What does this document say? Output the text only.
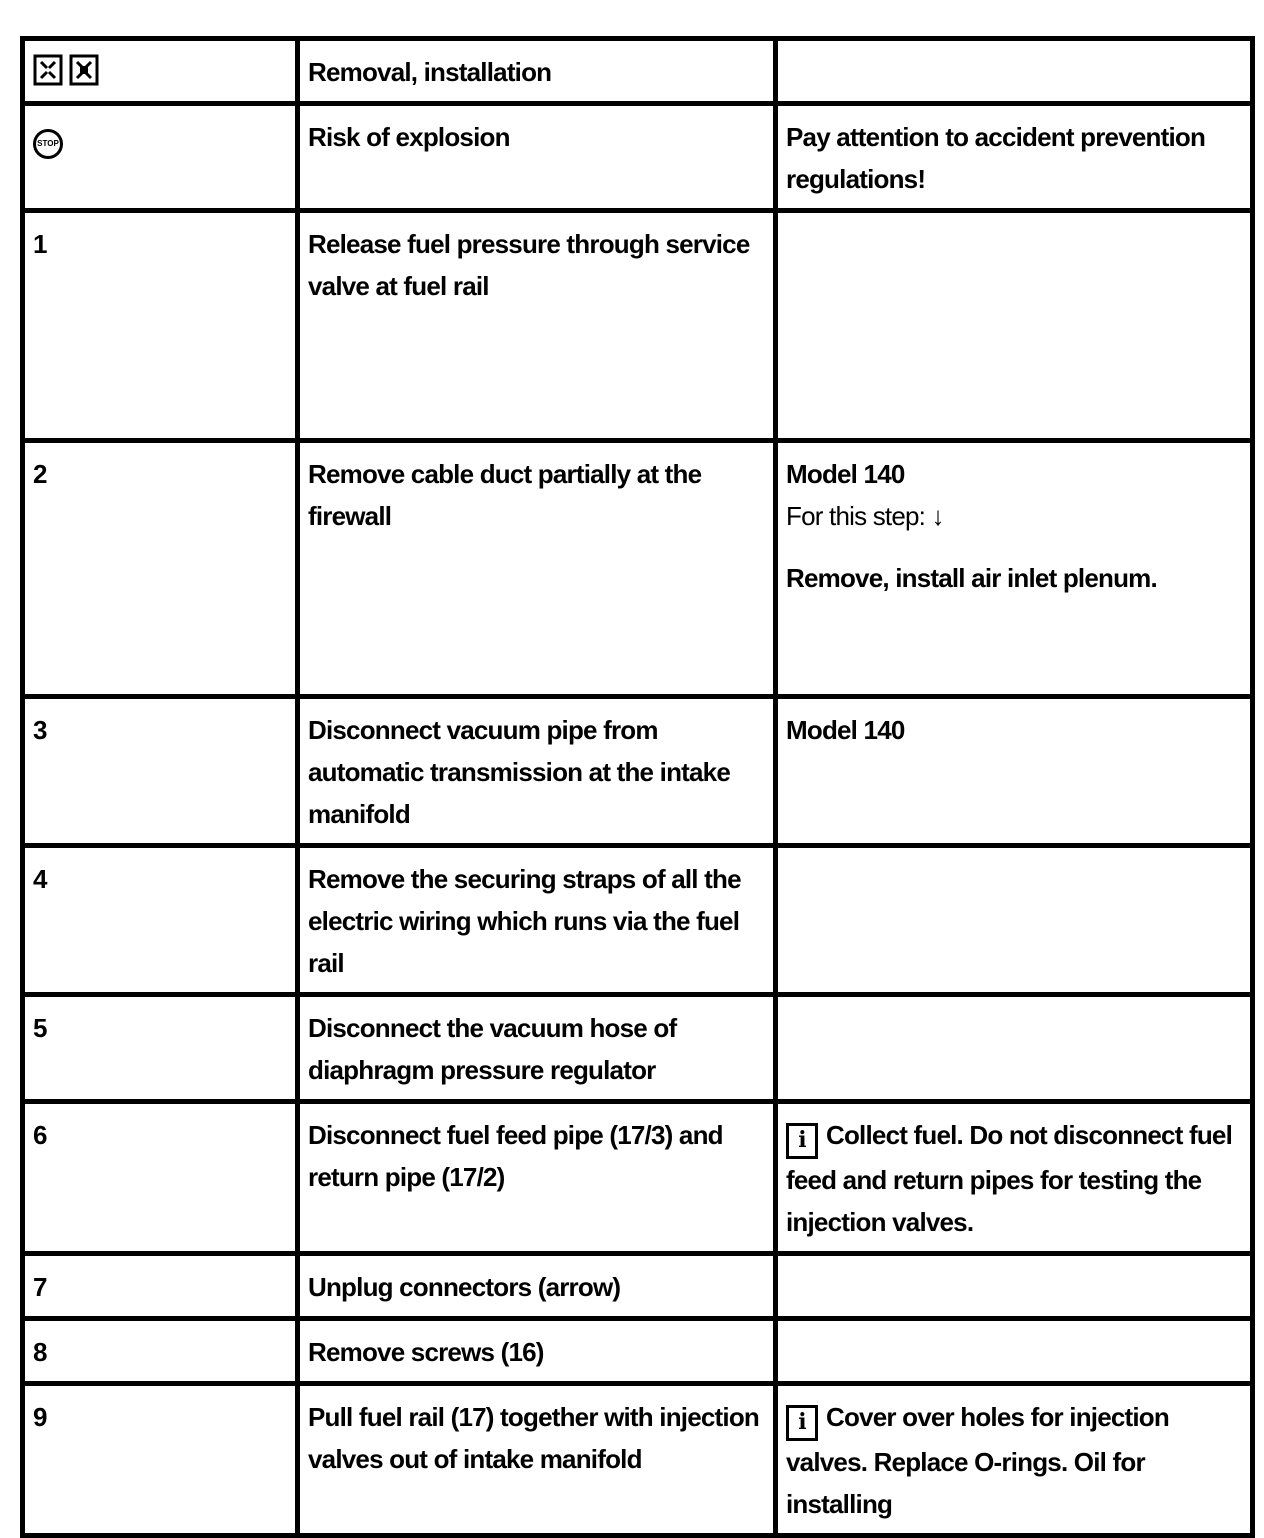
	Removal, installation	
STOP	Risk of explosion	Pay attention to accident prevention regulations!
1	Release fuel pressure through service valve at fuel rail	
2	Remove cable duct partially at the firewall	Model 140
For this step: ↓
Remove, install air inlet plenum.

3	Disconnect vacuum pipe from automatic transmission at the intake manifold	Model 140
4	Remove the securing straps of all the electric wiring which runs via the fuel rail	
5	Disconnect the vacuum hose of diaphragm pressure regulator	
6	Disconnect fuel feed pipe (17/3) and return pipe (17/2)	i Collect fuel. Do not disconnect fuel feed and return pipes for testing the injection valves.
7	Unplug connectors (arrow)	
8	Remove screws (16)	
9	Pull fuel rail (17) together with injection valves out of intake manifold	i Cover over holes for injection valves. Replace O-rings. Oil for installing
